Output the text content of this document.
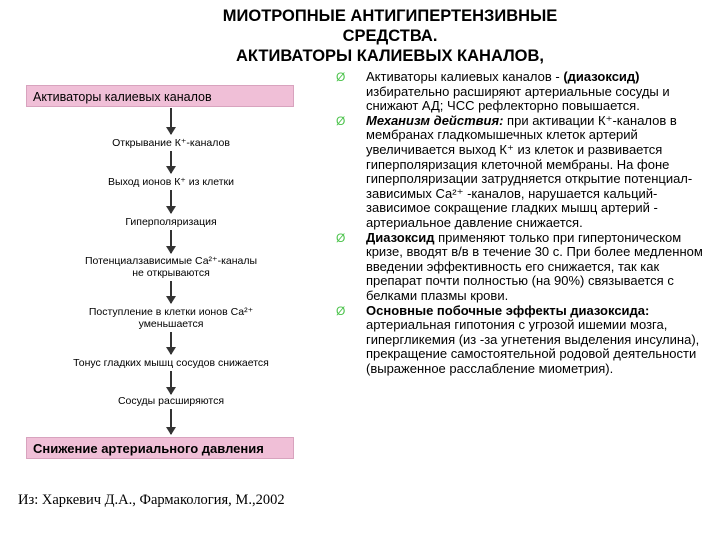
МИОТРОПНЫЕ АНТИГИПЕРТЕНЗИВНЫЕ
СРЕДСТВА.
АКТИВАТОРЫ КАЛИЕВЫХ КАНАЛОВ,
Активаторы калиевых каналов
Открывание К⁺-каналов
Выход ионов К⁺ из клетки
Гиперполяризация
Потенциалзависимые Са²⁺-каналы
не открываются
Поступление в клетки ионов Са²⁺
уменьшается
Тонус гладких мышц сосудов снижается
Сосуды расширяются
Снижение артериального давления
Из: Харкевич Д.А., Фармакология, М.,2002
Ø	Активаторы калиевых каналов - (диазоксид) избирательно расширяют артериальные сосуды и снижают АД; ЧСС рефлекторно повышается.
Ø	Механизм действия: при активации К⁺-каналов в мембранах гладкомышечных клеток артерий увеличивается выход К⁺ из клеток и развивается гиперполяризация клеточной мембраны. На фоне гиперполяризации затрудняется открытие потенциал-зависимых Са²⁺ -каналов, нарушается кальций-зависимое сокращение гладких мышц артерий - артериальное давление снижается.
Ø	Диазоксид применяют только при гипертоническом кризе, вводят в/в в течение 30 с. При более медленном введении эффективность его снижается, так как препарат почти полностью (на 90%) связывается с белками плазмы крови.
Ø	Основные побочные эффекты диазоксида: артериальная гипотония с угрозой ишемии мозга, гипергликемия (из -за угнетения выделения инсулина), прекращение самостоятельной родовой деятельности (выраженное расслабление миометрия).
